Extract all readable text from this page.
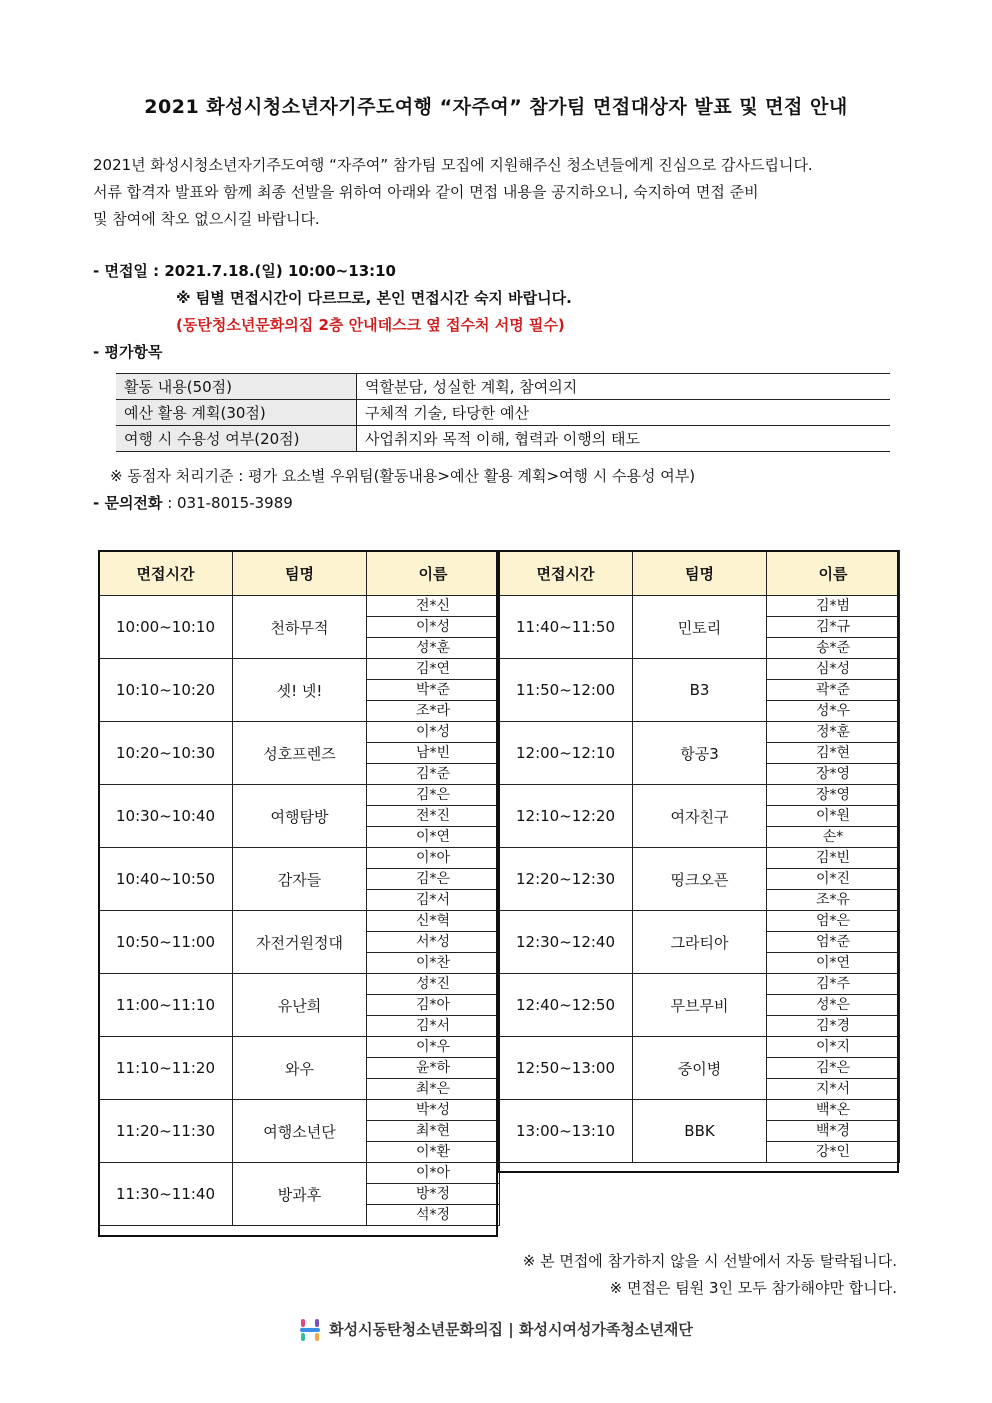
2021 화성시청소년자기주도여행 “자주여” 참가팀 면접대상자 발표 및 면접 안내

2021년 화성시청소년자기주도여행 “자주여” 참가팀 모집에 지원해주신 청소년들에게 진심으로 감사드립니다.

서류 합격자 발표와 함께 최종 선발을 위하여 아래와 같이 면접 내용을 공지하오니, 숙지하여 면접 준비

및 참여에 착오 없으시길 바랍니다.

- 면접일 : 2021.7.18.(일) 10:00~13:10
※ 팀별 면접시간이 다르므로, 본인 면접시간 숙지 바랍니다.
(동탄청소년문화의집 2층 안내데스크 옆 접수처 서명 필수)
- 평가항목
활동 내용(50점)	역할분담, 성실한 계획, 참여의지
예산 활용 계획(30점)	구체적 기술, 타당한 예산
여행 시 수용성 여부(20점)	사업취지와 목적 이해, 협력과 이행의 태도
※ 동점자 처리기준 : 평가 요소별 우위팀(활동내용>예산 활용 계획>여행 시 수용성 여부)
- 문의전화 : 031-8015-3989
면접시간	팀명	이름
10:00~10:10	천하무적	전*신
		이*성
		성*훈
10:10~10:20	셋! 넷!	김*연
		박*준
		조*라
10:20~10:30	성호프렌즈	이*성
		남*빈
		김*준
10:30~10:40	여행탐방	김*은
		전*진
		이*연
10:40~10:50	감자들	이*아
		김*은
		김*서
10:50~11:00	자전거원정대	신*혁
		서*성
		이*찬
11:00~11:10	유난희	성*진
		김*아
		김*서
11:10~11:20	와우	이*우
		윤*하
		최*은
11:20~11:30	여행소년단	박*성
		최*현
		이*환
11:30~11:40	방과후	이*아
		방*정
		석*정
면접시간	팀명	이름
11:40~11:50	민토리	김*범
		김*규
		송*준
11:50~12:00	B3	심*성
		곽*준
		성*우
12:00~12:10	항공3	정*훈
		김*현
		장*영
12:10~12:20	여자친구	장*영
		이*원
		손*
12:20~12:30	띵크오픈	김*빈
		이*진
		조*유
12:30~12:40	그라티아	엄*은
		엄*준
		이*연
12:40~12:50	무브무비	김*주
		성*은
		김*경
12:50~13:00	중이병	이*지
		김*은
		지*서
13:00~13:10	BBK	백*온
		백*경
		강*인
※ 본 면접에 참가하지 않을 시 선발에서 자동 탈락됩니다.
※ 면접은 팀원 3인 모두 참가해야만 합니다.
화성시동탄청소년문화의집 | 화성시여성가족청소년재단
